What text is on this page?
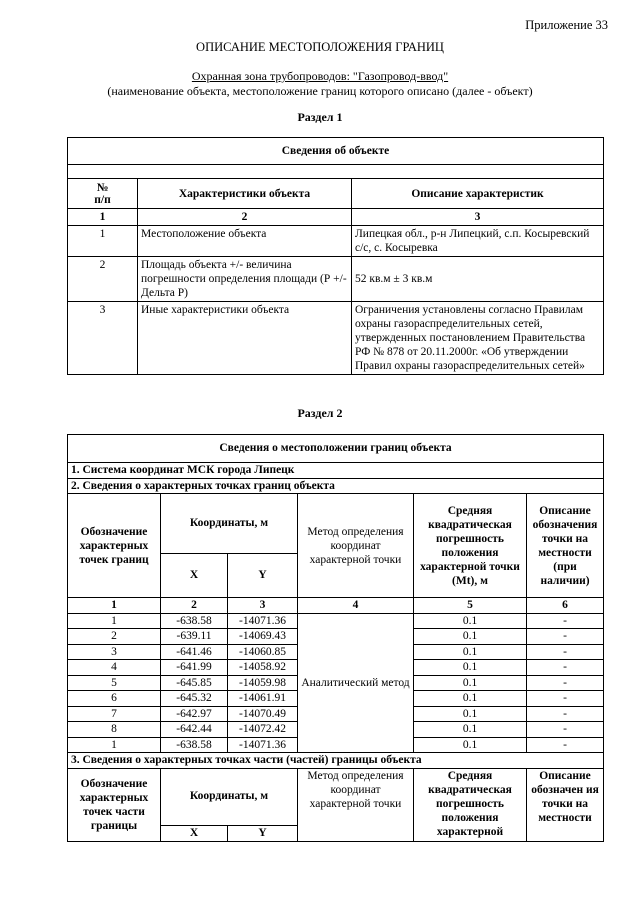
Приложение 33
ОПИСАНИЕ МЕСТОПОЛОЖЕНИЯ ГРАНИЦ
Охранная зона трубопроводов: "Газопровод-ввод"
(наименование объекта, местоположение границ которого описано (далее - объект)
Раздел 1
Сведения об объекте		

№
п/п	Характеристики объекта	Описание характеристик
1	2	3
1	Местоположение объекта	Липецкая обл., р-н Липецкий, с.п. Косыревский с/с, с. Косыревка
2	Площадь объекта +/- величина погрешности определения площади (Р +/- Дельта Р)	52 кв.м ± 3 кв.м
3	Иные характеристики объекта	Ограничения установлены согласно Правилам охраны газораспределительных сетей, утвержденных постановлением Правительства РФ № 878 от 20.11.2000г. «Об утверждении Правил охраны газораспределительных сетей»
Раздел 2
Сведения о местоположении границ объекта					
1. Система координат МСК города Липецк					
2. Сведения о характерных точках границ объекта					
Обозначение характерных точек границ	Координаты, м		Метод определения координат характерной точки	Средняя квадратическая погрешность положения характерной точки (Mt), м	Описание обозначения точки на местности (при наличии)
	X	Y			
1	2	3	4	5	6
1	-638.58	-14071.36	Аналитический метод	0.1	-
2	-639.11	-14069.43		0.1	-
3	-641.46	-14060.85		0.1	-
4	-641.99	-14058.92		0.1	-
5	-645.85	-14059.98		0.1	-
6	-645.32	-14061.91		0.1	-
7	-642.97	-14070.49		0.1	-
8	-642.44	-14072.42		0.1	-
1	-638.58	-14071.36		0.1	-
3. Сведения о характерных точках части (частей) границы объекта					
Обозначение характерных точек части границы	Координаты, м		Метод определения координат характерной точки	Средняя квадратическая погрешность положения характерной	Описание обозначен ия точки на местности

	X	Y			
